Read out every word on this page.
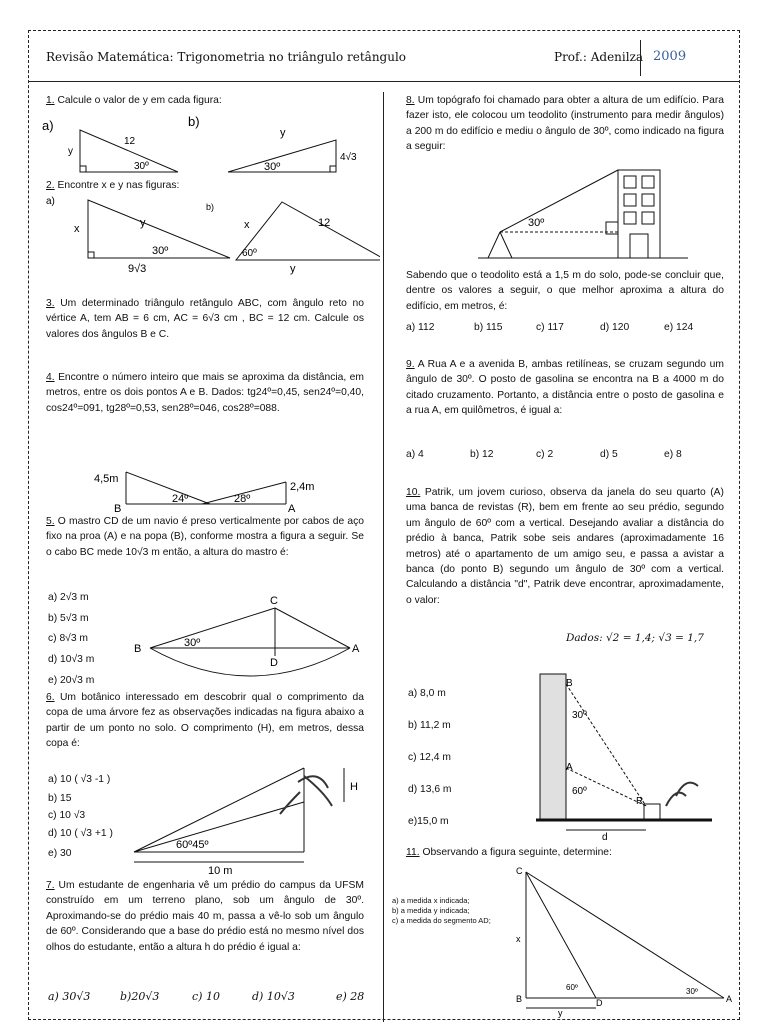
Revisão Matemática: Trigonometria no triângulo retângulo	Prof.: Adenilza 2009
1. Calcule o valor de y em cada figura:
a)
12
y
30º
b)
y
4√3
30º
2. Encontre x e y nas figuras:
a)
x	y
30º
9√3
b)
x	12
60º
y
3. Um determinado triângulo retângulo ABC, com ângulo reto no vértice A, tem AB = 6 cm, AC = 6√3 cm , BC = 12 cm. Calcule os valores dos ângulos B e C.
4. Encontre o número inteiro que mais se aproxima da distância, em metros, entre os dois pontos A e B. Dados: tg24º=0,45, sen24º=0,40, cos24º=091, tg28º=0,53, sen28º=046, cos28º=088.
4,5m
2,4m
24º	28º
B	A
5. O mastro CD de um navio é preso verticalmente por cabos de aço fixo na proa (A) e na popa (B), conforme mostra a figura a seguir. Se o cabo BC mede 10√3 m então, a altura do mastro é:
a) 2√3 m
b) 5√3 m
c) 8√3 m
d) 10√3 m
e) 20√3 m
C
B
D
A
30º
6. Um botânico interessado em descobrir qual o comprimento da copa de uma árvore fez as observações indicadas na figura abaixo a partir de um ponto no solo. O comprimento (H), em metros, dessa copa é:
a) 10 ( √3 -1 )
b) 15
c) 10 √3
d) 10 ( √3 +1 )
e) 30
H
60º45º
10 m
7. Um estudante de engenharia vê um prédio do campus da UFSM construído em um terreno plano, sob um ângulo de 30º. Aproximando-se do prédio mais 40 m, passa a vê-lo sob um ângulo de 60º. Considerando que a base do prédio está no mesmo nível dos olhos do estudante, então a altura h do prédio é igual a:
a) 30√3	b)20√3	c) 10	d) 10√3	e) 28
8. Um topógrafo foi chamado para obter a altura de um edifício. Para fazer isto, ele colocou um teodolito (instrumento para medir ângulos) a 200 m do edifício e mediu o ângulo de 30º, como indicado na figura a seguir:
30º
Sabendo que o teodolito está a 1,5 m do solo, pode-se concluir que, dentre os valores a seguir, o que melhor aproxima a altura do edifício, em metros, é:
a) 112	b) 115	c) 117	d) 120	e) 124
9. A Rua A e a avenida B, ambas retilíneas, se cruzam segundo um ângulo de 30º. O posto de gasolina se encontra na B a 4000 m do citado cruzamento. Portanto, a distância entre o posto de gasolina e a rua A, em quilômetros, é igual a:
a) 4	b) 12	c) 2	d) 5	e) 8
10. Patrik, um jovem curioso, observa da janela do seu quarto (A) uma banca de revistas (R), bem em frente ao seu prédio, segundo um ângulo de 60º com a vertical. Desejando avaliar a distância do prédio à banca, Patrik sobe seis andares (aproximadamente 16 metros) até o apartamento de um amigo seu, e passa a avistar a banca (do ponto B) segundo um ângulo de 30º com a vertical. Calculando a distância "d", Patrik deve encontrar, aproximadamente, o valor:
Dados: √2 = 1,4; √3 = 1,7
a) 8,0 m
b) 11,2 m
c) 12,4 m
d) 13,6 m
e)15,0 m
B
A
R
30º
60º
d
11. Observando a figura seguinte, determine:
a) a medida x indicada;
b) a medida y indicada;
c) a medida do segmento AD;
C
B	D	A
x
y
60º	30º
